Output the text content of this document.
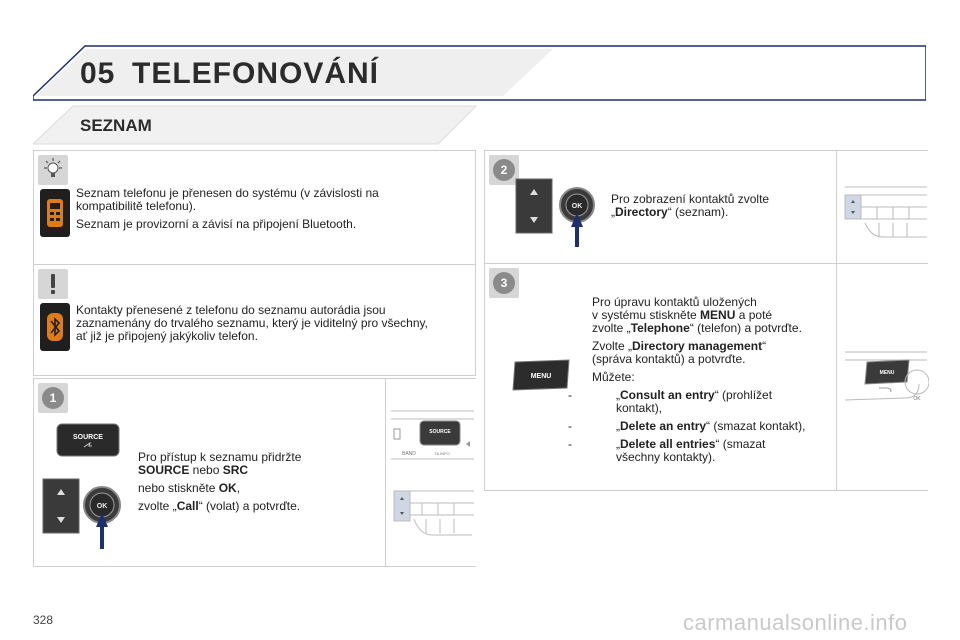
05 TELEFONOVÁNÍ
SEZNAM

Seznam telefonu je přenesen do systému (v závislosti na
kompatibilitě telefonu).

Seznam je provizorní a závisí na připojení Bluetooth.

Kontakty přenesené z telefonu do seznamu autorádia jsou
zaznamenány do trvalého seznamu, který je viditelný pro všechny,
ať již je připojený jakýkoliv telefon.

1
SOURCE
OK

Pro přístup k seznamu přidržte
SOURCE nebo SRC

nebo stiskněte OK,

zvolte „Call“ (volat) a potvrďte.

SOURCE
BAND	TA INFO
2
OK

Pro zobrazení kontaktů zvolte
„Directory“ (seznam).

3
MENU

Pro úpravu kontaktů uložených
v systému stiskněte MENU a poté
zvolte „Telephone“ (telefon) a potvrďte.

Zvolte „Directory management“
(správa kontaktů) a potvrďte.

Můžete:

-	„Consult an entry“ (prohlížet
kontakt),

-	„Delete an entry“ (smazat kontakt),

-	„Delete all entries“ (smazat
všechny kontakty).

MENU
OK
328	carmanualsonline.info
